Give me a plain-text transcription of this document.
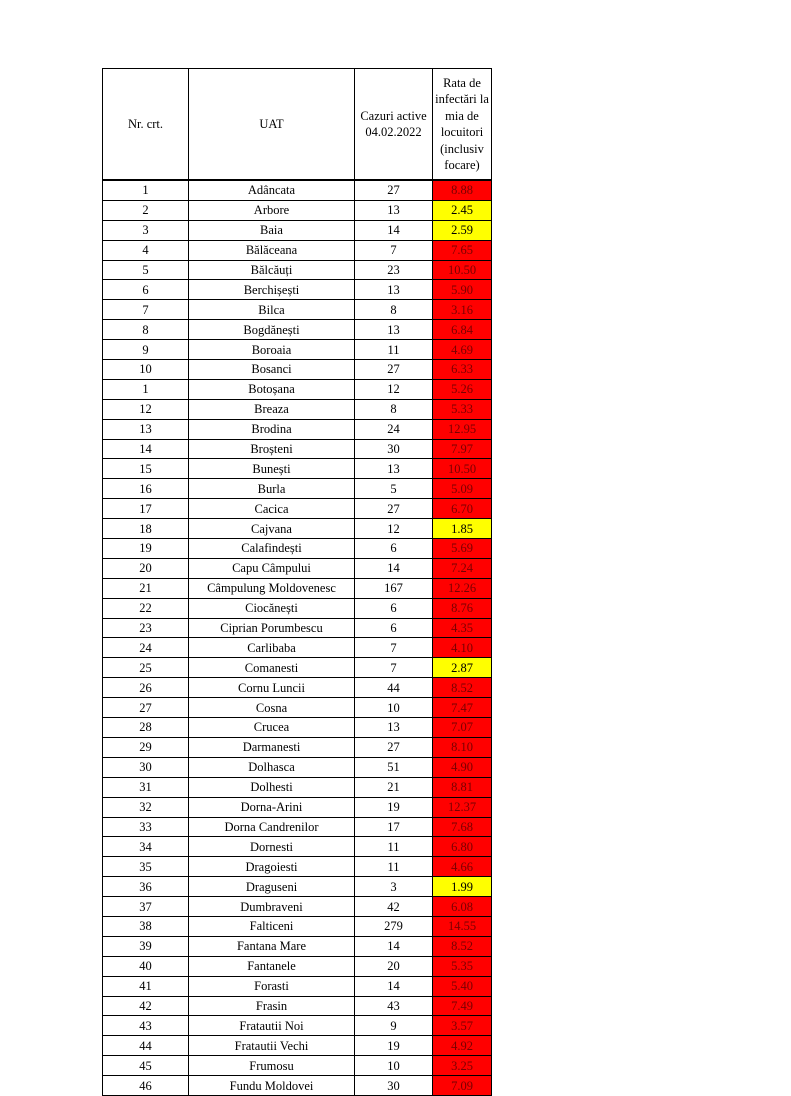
Nr. crt.	UAT	Cazuri active 04.02.2022	Rata de infectări la mia de locuitori (inclusiv focare)
1	Adâncata	27	8.88
2	Arbore	13	2.45
3	Baia	14	2.59
4	Bălăceana	7	7.65
5	Bălcăuți	23	10.50
6	Berchișești	13	5.90
7	Bilca	8	3.16
8	Bogdănești	13	6.84
9	Boroaia	11	4.69
10	Bosanci	27	6.33
1	Botoșana	12	5.26
12	Breaza	8	5.33
13	Brodina	24	12.95
14	Broșteni	30	7.97
15	Bunești	13	10.50
16	Burla	5	5.09
17	Cacica	27	6.70
18	Cajvana	12	1.85
19	Calafindești	6	5.69
20	Capu Câmpului	14	7.24
21	Câmpulung Moldovenesc	167	12.26
22	Ciocănești	6	8.76
23	Ciprian Porumbescu	6	4.35
24	Carlibaba	7	4.10
25	Comanesti	7	2.87
26	Cornu Luncii	44	8.52
27	Cosna	10	7.47
28	Crucea	13	7.07
29	Darmanesti	27	8.10
30	Dolhasca	51	4.90
31	Dolhesti	21	8.81
32	Dorna-Arini	19	12.37
33	Dorna Candrenilor	17	7.68
34	Dornesti	11	6.80
35	Dragoiesti	11	4.66
36	Draguseni	3	1.99
37	Dumbraveni	42	6.08
38	Falticeni	279	14.55
39	Fantana Mare	14	8.52
40	Fantanele	20	5.35
41	Forasti	14	5.40
42	Frasin	43	7.49
43	Fratautii Noi	9	3.57
44	Fratautii Vechi	19	4.92
45	Frumosu	10	3.25
46	Fundu Moldovei	30	7.09
